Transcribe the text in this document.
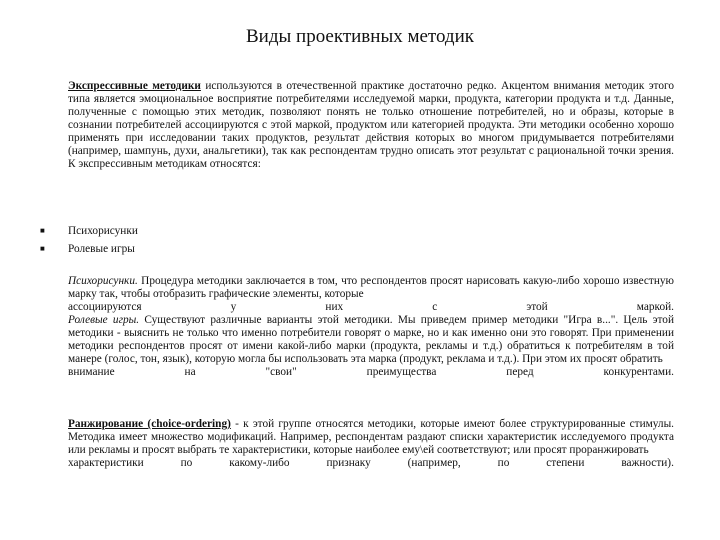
Виды проективных методик
Экспрессивные методики используются в отечественной практике достаточно редко. Акцентом внимания методик этого типа является эмоциональное восприятие потребителями исследуемой марки, продукта, категории продукта и т.д. Данные, полученные с помощью этих методик, позволяют понять не только отношение потребителей, но и образы, которые в сознании потребителей ассоциируются с этой маркой, продуктом или категорией продукта. Эти методики особенно хорошо применять при исследовании таких продуктов, результат действия которых во многом придумывается потребителями (например, шампунь, духи, анальгетики), так как респондентам трудно описать этот результат с рациональной точки зрения. К экспрессивным методикам относятся:
■	Психорисунки
■	Ролевые игры
Психорисунки. Процедура методики заключается в том, что респондентов просят нарисовать какую-либо хорошо известную марку так, чтобы отобразить графические элементы, которые
ассоциируются	у	них	с	этой	маркой.
Ролевые игры. Существуют различные варианты этой методики. Мы приведем пример методики "Игра в...". Цель этой методики - выяснить не только что именно потребители говорят о марке, но и как именно они это говорят. При применении методики респондентов просят от имени какой-либо марки (продукта, рекламы и т.д.) обратиться к потребителям в той манере (голос, тон, язык), которую могла бы использовать эта марка (продукт, реклама и т.д.). При этом их просят обратить
внимание	на	"свои"	преимущества	перед	конкурентами.
Ранжирование (choice-ordering) - к этой группе относятся методики, которые имеют более структурированные стимулы. Методика имеет множество модификаций. Например, респондентам раздают списки характеристик исследуемого продукта или рекламы и просят выбрать те характеристики, которые наиболее ему\ей соответствуют; или просят проранжировать
характеристики	по	какому-либо	признаку	(например,	по	степени	важности).
